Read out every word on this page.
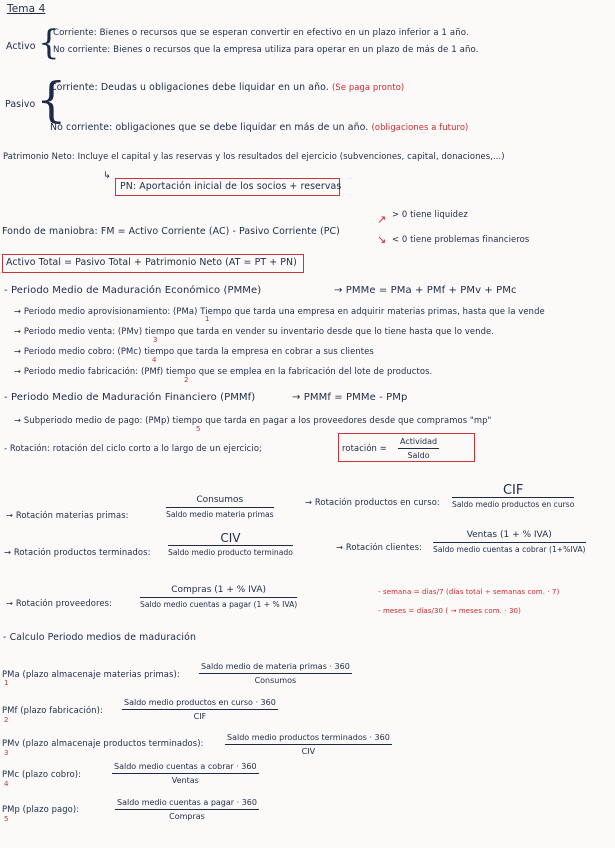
Tema 4
Activo {
Corriente: Bienes o recursos que se esperan convertir en efectivo en un plazo inferior a 1 año.
No corriente: Bienes o recursos que la empresa utiliza para operar en un plazo de más de 1 año.
Pasivo {
Corriente: Deudas u obligaciones debe liquidar en un año. (Se paga pronto)
No corriente: obligaciones que se debe liquidar en más de un año. (obligaciones a futuro)
Patrimonio Neto: Incluye el capital y las reservas y los resultados del ejercicio (subvenciones, capital, donaciones,...)
↳
PN: Aportación inicial de los socios + reservas
Fondo de maniobra: FM = Activo Corriente (AC) - Pasivo Corriente (PC)
↗
↘
> 0 tiene liquidez
< 0 tiene problemas financieros
Activo Total = Pasivo Total + Patrimonio Neto (AT = PT + PN)
- Periodo Medio de Maduración Económico (PMMe)	→ PMMe = PMa + PMf + PMv + PMc
→ Periodo medio aprovisionamiento: (PMa) Tiempo que tarda una empresa en adquirir materias primas, hasta que la vende
1
→ Periodo medio venta: (PMv) tiempo que tarda en vender su inventario desde que lo tiene hasta que lo vende.
3
→ Periodo medio cobro: (PMc) tiempo que tarda la empresa en cobrar a sus clientes
4
→ Periodo medio fabricación: (PMf) tiempo que se emplea en la fabricación del lote de productos.
2
- Periodo Medio de Maduración Financiero (PMMf)	→ PMMf = PMMe - PMp
→ Subperiodo medio de pago: (PMp) tiempo que tarda en pagar a los proveedores desde que compramos "mp"
5
- Rotación: rotación del ciclo corto a lo largo de un ejercicio;	rotación =
Actividad
Saldo
→ Rotación materias primas:
Consumos
Saldo medio materia primas
→ Rotación productos en curso:
CIF
Saldo medio productos en curso
→ Rotación productos terminados:
CIV
Saldo medio producto terminado
→ Rotación clientes:
Ventas (1 + % IVA)
Saldo medio cuentas a cobrar (1+%IVA)
→ Rotación proveedores:
Compras (1 + % IVA)
Saldo medio cuentas a pagar (1 + % IVA)
- semana = días/7 (días total ÷ semanas com. · 7)
- meses = días/30 ( → meses com. · 30)
- Calculo Periodo medios de maduración
PMa (plazo almacenaje materias primas):
Saldo medio de materia primas · 360
Consumos
1
PMf (plazo fabricación):
Saldo medio productos en curso · 360
CIF
2
PMv (plazo almacenaje productos terminados):
Saldo medio productos terminados · 360
CIV
3
PMc (plazo cobro):
Saldo medio cuentas a cobrar · 360
Ventas
4
PMp (plazo pago):
Saldo medio cuentas a pagar · 360
Compras
5
